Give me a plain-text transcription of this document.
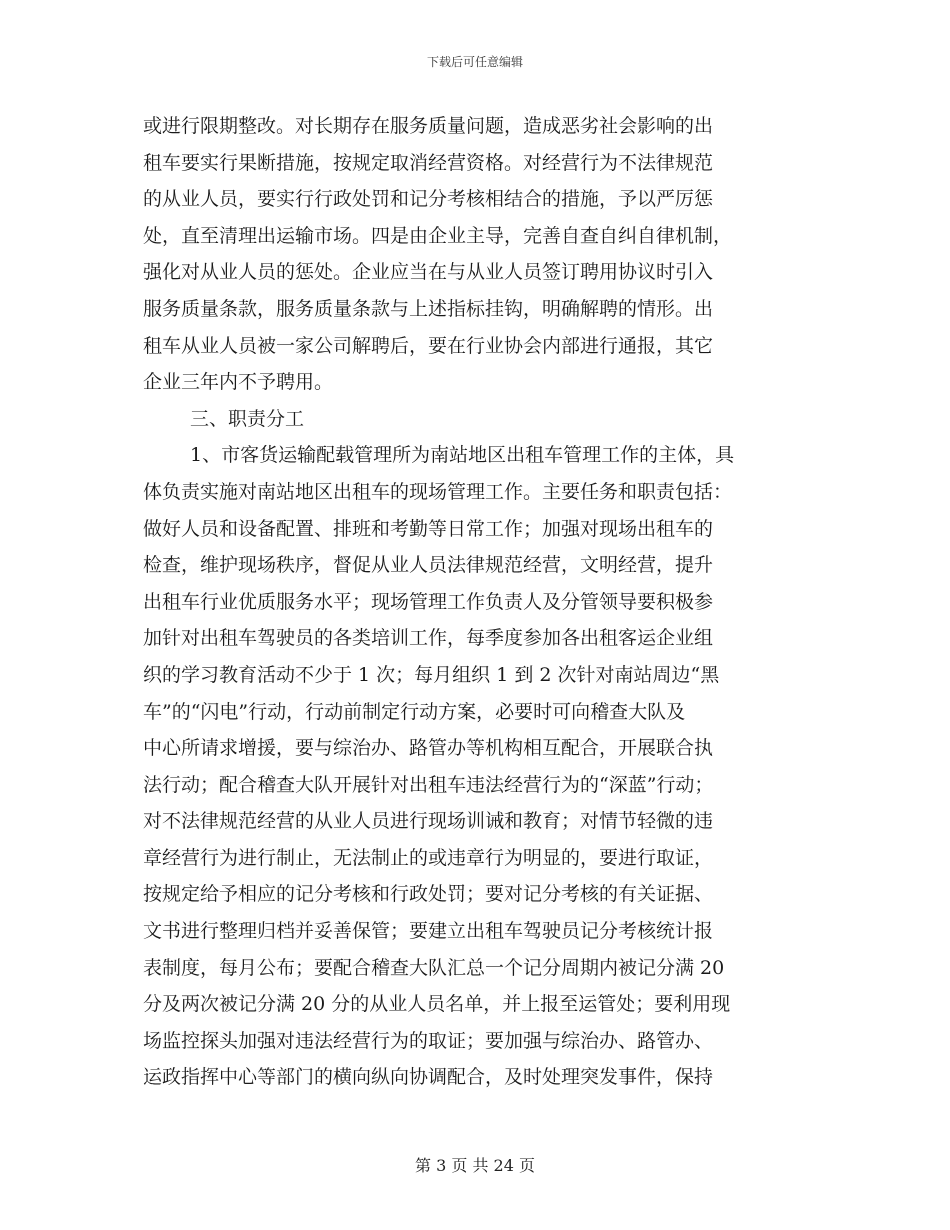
下载后可任意编辑
或进行限期整改。对长期存在服务质量问题，造成恶劣社会影响的出
租车要实行果断措施，按规定取消经营资格。对经营行为不法律规范
的从业人员，要实行行政处罚和记分考核相结合的措施，予以严厉惩
处，直至清理出运输市场。四是由企业主导，完善自查自纠自律机制，
强化对从业人员的惩处。企业应当在与从业人员签订聘用协议时引入
服务质量条款，服务质量条款与上述指标挂钩，明确解聘的情形。出
租车从业人员被一家公司解聘后，要在行业协会内部进行通报，其它
企业三年内不予聘用。
三、职责分工
1、市客货运输配载管理所为南站地区出租车管理工作的主体，具
体负责实施对南站地区出租车的现场管理工作。主要任务和职责包括：
做好人员和设备配置、排班和考勤等日常工作；加强对现场出租车的
检查，维护现场秩序，督促从业人员法律规范经营，文明经营，提升
出租车行业优质服务水平；现场管理工作负责人及分管领导要积极参
加针对出租车驾驶员的各类培训工作，每季度参加各出租客运企业组
织的学习教育活动不少于 1 次；每月组织 1 到 2 次针对南站周边“黑
车”的“闪电”行动，行动前制定行动方案，必要时可向稽查大队及
中心所请求增援，要与综治办、路管办等机构相互配合，开展联合执
法行动；配合稽查大队开展针对出租车违法经营行为的“深蓝”行动；
对不法律规范经营的从业人员进行现场训诫和教育；对情节轻微的违
章经营行为进行制止，无法制止的或违章行为明显的，要进行取证，
按规定给予相应的记分考核和行政处罚；要对记分考核的有关证据、
文书进行整理归档并妥善保管；要建立出租车驾驶员记分考核统计报
表制度，每月公布；要配合稽查大队汇总一个记分周期内被记分满 20
分及两次被记分满 20 分的从业人员名单，并上报至运管处；要利用现
场监控探头加强对违法经营行为的取证；要加强与综治办、路管办、
运政指挥中心等部门的横向纵向协调配合，及时处理突发事件，保持
第 3 页 共 24 页
